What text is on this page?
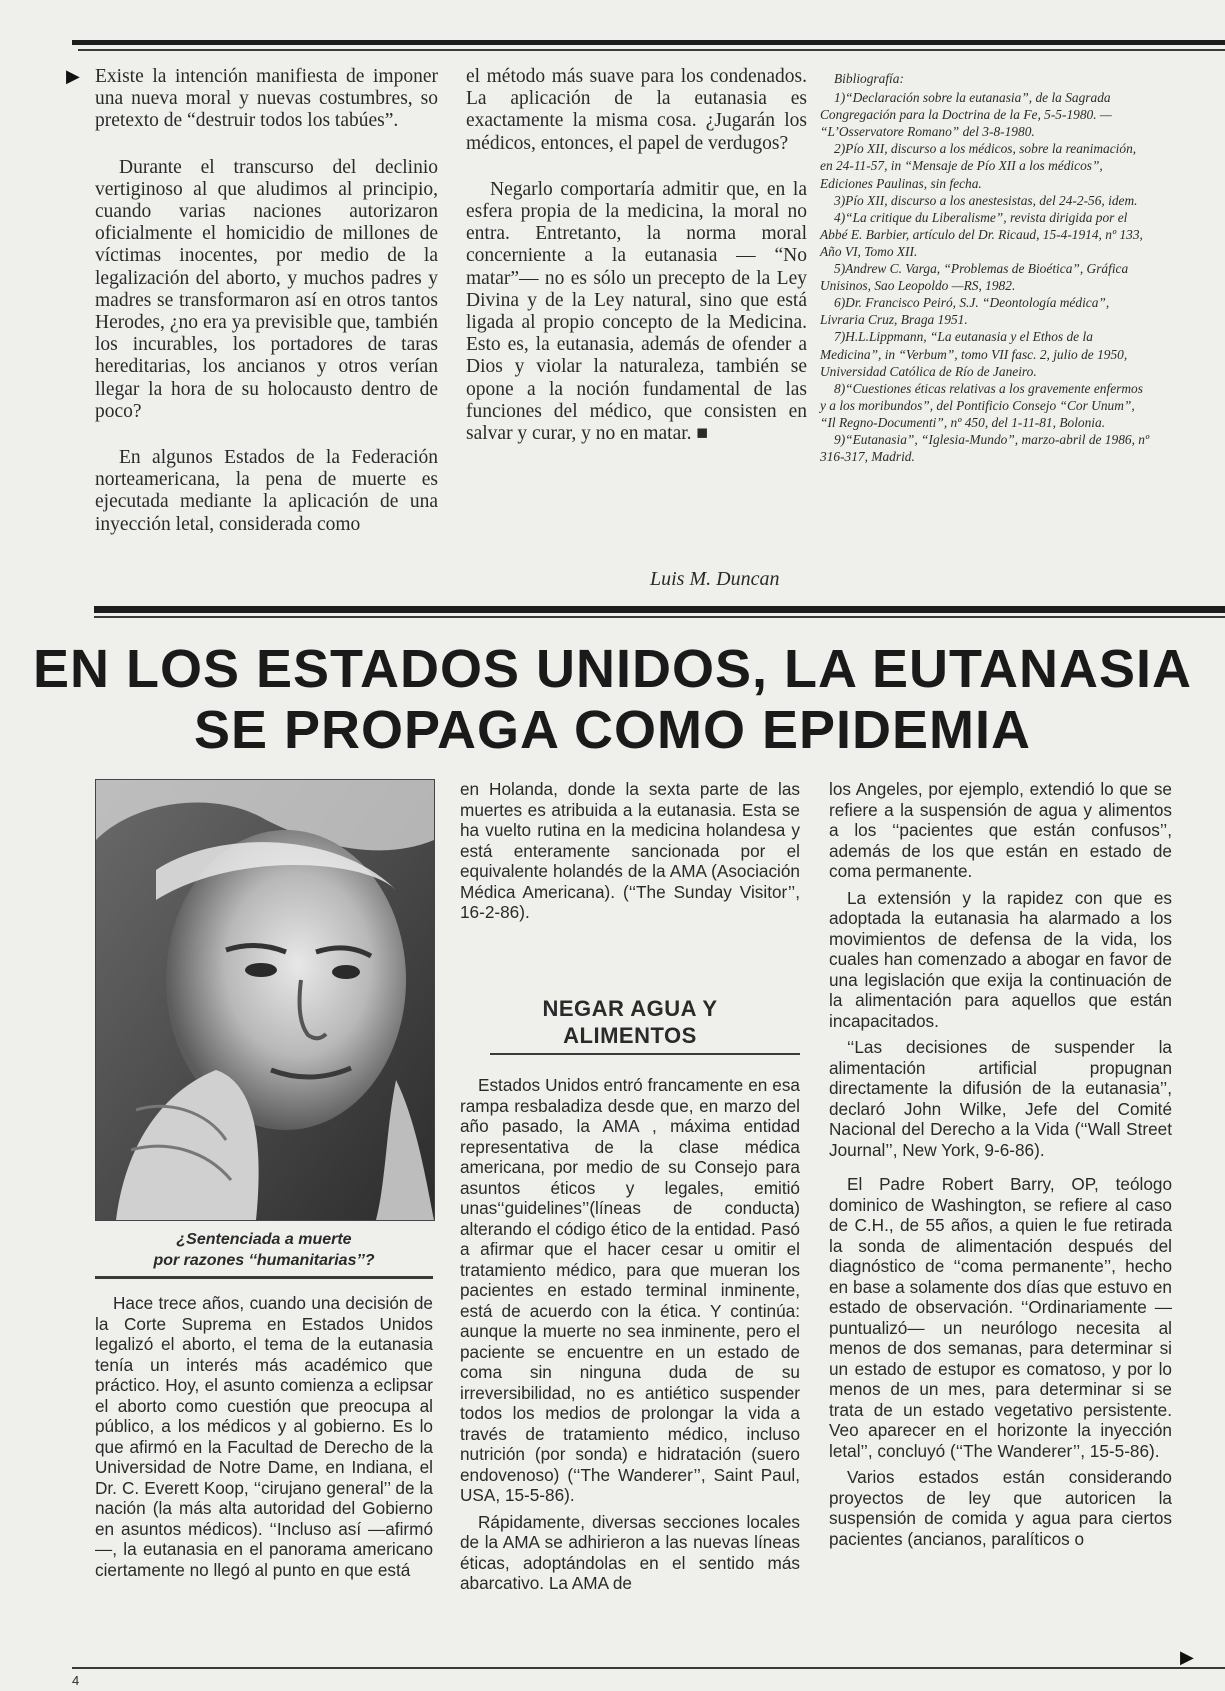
▶ Existe la intención manifiesta de imponer una nueva moral y nuevas costumbres, so pretexto de “destruir todos los tabúes”.

Durante el transcurso del declinio vertiginoso al que aludimos al principio, cuando varias naciones autorizaron oficialmente el homicidio de millones de víctimas inocentes, por medio de la legalización del aborto, y muchos padres y madres se transformaron así en otros tantos Herodes, ¿no era ya previsible que, también los incurables, los portadores de taras hereditarias, los ancianos y otros verían llegar la hora de su holocausto dentro de poco?

En algunos Estados de la Federación norteamericana, la pena de muerte es ejecutada mediante la aplicación de una inyección letal, considerada como

el método más suave para los condenados. La aplicación de la eutanasia es exactamente la misma cosa. ¿Jugarán los médicos, entonces, el papel de verdugos?

Negarlo comportaría admitir que, en la esfera propia de la medicina, la moral no entra. Entretanto, la norma moral concerniente a la eutanasia — “No matar”— no es sólo un precepto de la Ley Divina y de la Ley natural, sino que está ligada al propio concepto de la Medicina. Esto es, la eutanasia, además de ofender a Dios y violar la naturaleza, también se opone a la noción fundamental de las funciones del médico, que consisten en salvar y curar, y no en matar. ■

Luis M. Duncan

Bibliografía:

1)“Declaración sobre la eutanasia”, de la Sagrada Congregación para la Doctrina de la Fe, 5-5-1980. — “L’Osservatore Romano” del 3-8-1980.

2)Pío XII, discurso a los médicos, sobre la reanimación, en 24-11-57, in “Mensaje de Pío XII a los médicos”, Ediciones Paulinas, sin fecha.

3)Pío XII, discurso a los anestesistas, del 24-2-56, idem.

4)“La critique du Liberalisme”, revista dirigida por el Abbé E. Barbier, artículo del Dr. Ricaud, 15-4-1914, nº 133, Año VI, Tomo XII.

5)Andrew C. Varga, “Problemas de Bioética”, Gráfica Unisinos, Sao Leopoldo —RS, 1982.

6)Dr. Francisco Peiró, S.J. “Deontología médica”, Livraria Cruz, Braga 1951.

7)H.L.Lippmann, “La eutanasia y el Ethos de la Medicina”, in “Verbum”, tomo VII fasc. 2, julio de 1950, Universidad Católica de Río de Janeiro.

8)“Cuestiones éticas relativas a los gravemente enfermos y a los moribundos”, del Pontificio Consejo “Cor Unum”, “Il Regno-Documenti”, nº 450, del 1-11-81, Bolonia.

9)“Eutanasia”, “Iglesia-Mundo”, marzo-abril de 1986, nº 316-317, Madrid.

EN LOS ESTADOS UNIDOS, LA EUTANASIA
SE PROPAGA COMO EPIDEMIA
¿Sentenciada a muerte
por razones ‘‘humanitarias’’?

Hace trece años, cuando una decisión de la Corte Suprema en Estados Unidos legalizó el aborto, el tema de la eutanasia tenía un interés más académico que práctico. Hoy, el asunto comienza a eclipsar el aborto como cuestión que preocupa al público, a los médicos y al gobierno. Es lo que afirmó en la Facultad de Derecho de la Universidad de Notre Dame, en Indiana, el Dr. C. Everett Koop, ‘‘cirujano general’’ de la nación (la más alta autoridad del Gobierno en asuntos médicos). ‘‘Incluso así —afirmó—, la eutanasia en el panorama americano ciertamente no llegó al punto en que está

en Holanda, donde la sexta parte de las muertes es atribuida a la eutanasia. Esta se ha vuelto rutina en la medicina holandesa y está enteramente sancionada por el equivalente holandés de la AMA (Asociación Médica Americana). (‘‘The Sunday Visitor’’, 16-2-86).

NEGAR AGUA Y
ALIMENTOS

Estados Unidos entró francamente en esa rampa resbaladiza desde que, en marzo del año pasado, la AMA , máxima entidad representativa de la clase médica americana, por medio de su Consejo para asuntos éticos y legales, emitió unas‘‘guidelines’’(líneas de conducta) alterando el código ético de la entidad. Pasó a afirmar que el hacer cesar u omitir el tratamiento médico, para que mueran los pacientes en estado terminal inminente, está de acuerdo con la ética. Y continúa: aunque la muerte no sea inminente, pero el paciente se encuentre en un estado de coma sin ninguna duda de su irreversibilidad, no es antiético suspender todos los medios de prolongar la vida a través de tratamiento médico, incluso nutrición (por sonda) e hidratación (suero endovenoso) (‘‘The Wanderer’’, Saint Paul, USA, 15-5-86).

Rápidamente, diversas secciones locales de la AMA se adhirieron a las nuevas líneas éticas, adoptándolas en el sentido más abarcativo. La AMA de

los Angeles, por ejemplo, extendió lo que se refiere a la suspensión de agua y alimentos a los ‘‘pacientes que están confusos’’, además de los que están en estado de coma permanente.

La extensión y la rapidez con que es adoptada la eutanasia ha alarmado a los movimientos de defensa de la vida, los cuales han comenzado a abogar en favor de una legislación que exija la continuación de la alimentación para aquellos que están incapacitados.

‘‘Las decisiones de suspender la alimentación artificial propugnan directamente la difusión de la eutanasia’’, declaró John Wilke, Jefe del Comité Nacional del Derecho a la Vida (‘‘Wall Street Journal’’, New York, 9-6-86).

El Padre Robert Barry, OP, teólogo dominico de Washington, se refiere al caso de C.H., de 55 años, a quien le fue retirada la sonda de alimentación después del diagnóstico de ‘‘coma permanente’’, hecho en base a solamente dos días que estuvo en estado de observación. ‘‘Ordinariamente — puntualizó— un neurólogo necesita al menos de dos semanas, para determinar si un estado de estupor es comatoso, y por lo menos de un mes, para determinar si se trata de un estado vegetativo persistente. Veo aparecer en el horizonte la inyección letal’’, concluyó (‘‘The Wanderer’’, 15-5-86).

Varios estados están considerando proyectos de ley que autoricen la suspensión de comida y agua para ciertos pacientes (ancianos, paralíticos o

▶
4
